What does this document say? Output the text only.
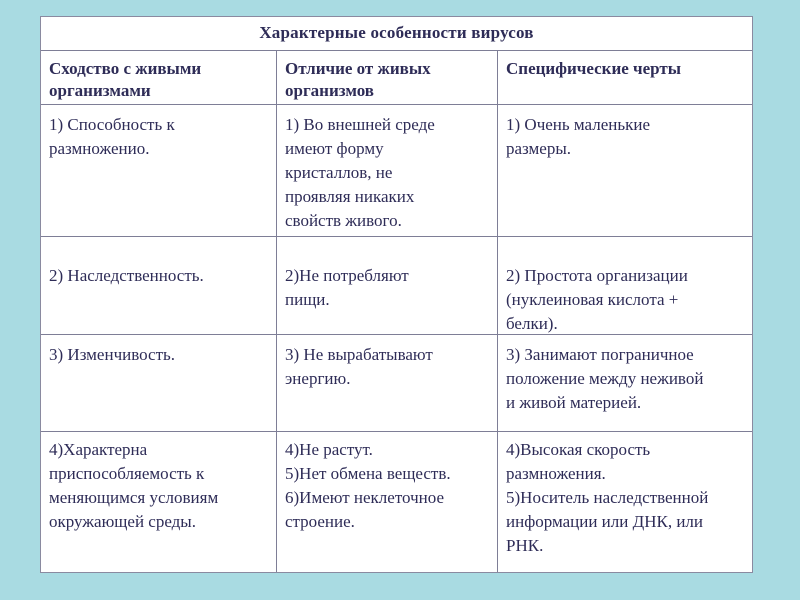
Характерные особенности вирусов
Сходство с живыми
организмами
Отличие от живых
организмов
Специфические черты
1) Способность к
размноженио.
1) Во внешней среде
имеют форму
кристаллов, не
проявляя никаких
свойств живого.
1) Очень маленькие
размеры.
2) Наследственность.	2)Не потребляют
пищи.
2) Простота организации
(нуклеиновая кислота +
белки).
3) Изменчивость.	3) Не вырабатывают
энергию.
3) Занимают пограничное
положение между неживой
и живой материей.
4)Характерна
приспособляемость к
меняющимся условиям
окружающей среды.
4)Не растут.
5)Нет обмена веществ.
6)Имеют неклеточное
строение.
4)Высокая скорость
размножения.
5)Носитель наследственной
информации или ДНК, или
РНК.
